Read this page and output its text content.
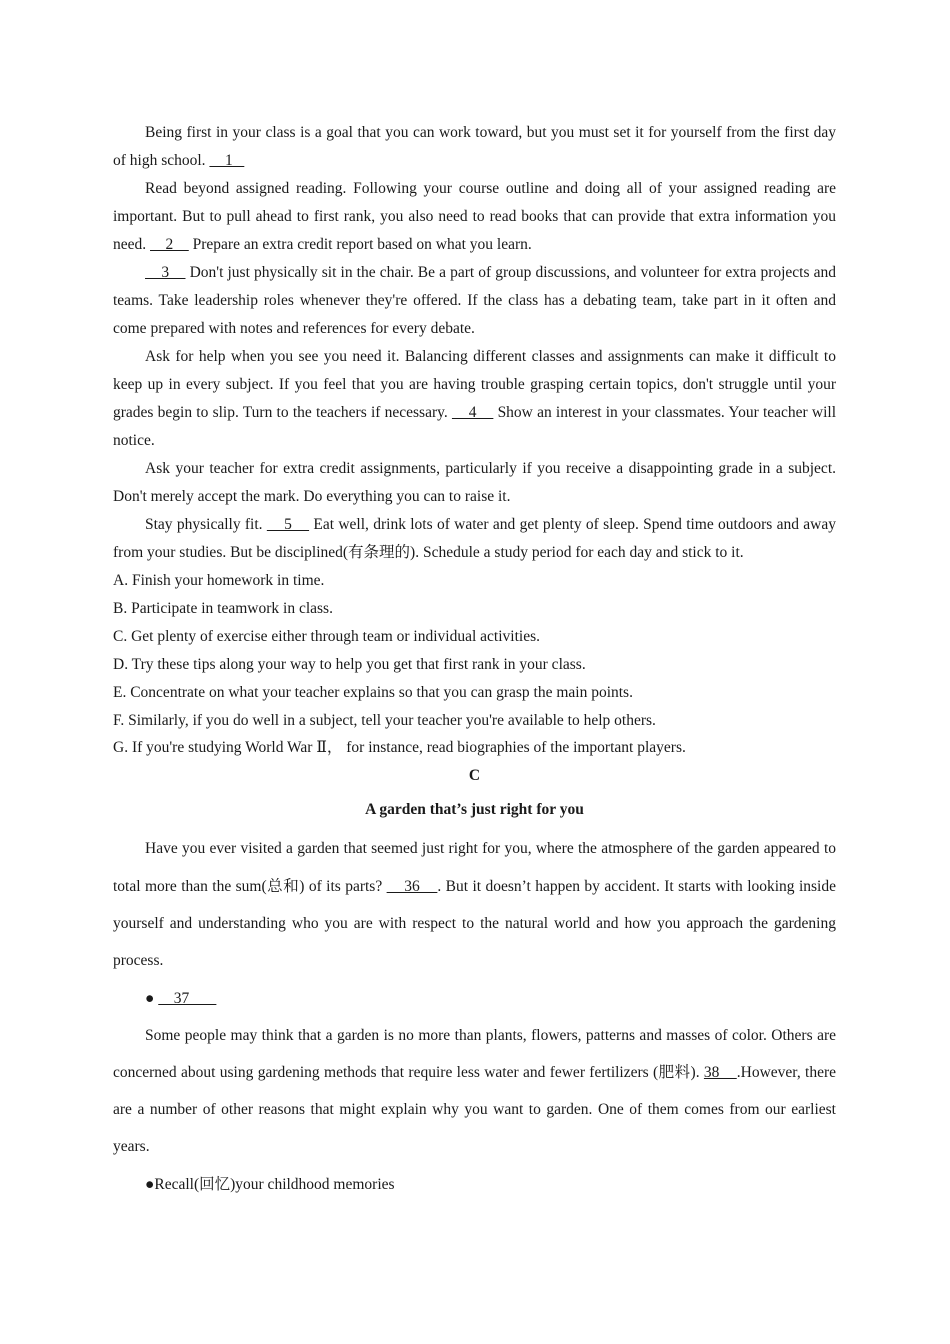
Being first in your class is a goal that you can work toward, but you must set it for yourself from the first day of high school.     1

Read beyond assigned reading. Following your course outline and doing all of your assigned reading are important. But to pull ahead to first rank, you also need to read books that can provide that extra information you need.     2     Prepare an extra credit report based on what you learn.

3     Don't just physically sit in the chair. Be a part of group discussions, and volunteer for extra projects and teams. Take leadership roles whenever they're offered. If the class has a debating team, take part in it often and come prepared with notes and references for every debate.

Ask for help when you see you need it. Balancing different classes and assignments can make it difficult to keep up in every subject. If you feel that you are having trouble grasping certain topics, don't struggle until your grades begin to slip. Turn to the teachers if necessary.     4     Show an interest in your classmates. Your teacher will notice.

Ask your teacher for extra credit assignments, particularly if you receive a disappointing grade in a subject. Don't merely accept the mark. Do everything you can to raise it.

Stay physically fit.     5     Eat well, drink lots of water and get plenty of sleep. Spend time outdoors and away from your studies. But be disciplined(有条理的). Schedule a study period for each day and stick to it.

A. Finish your homework in time.

B. Participate in teamwork in class.

C. Get plenty of exercise either through team or individual activities.

D. Try these tips along your way to help you get that first rank in your class.

E. Concentrate on what your teacher explains so that you can grasp the main points.

F. Similarly, if you do well in a subject, tell your teacher you're available to help others.

G. If you're studying World War Ⅱ， for instance, read biographies of the important players.

C

A garden that’s just right for you

Have you ever visited a garden that seemed just right for you, where the atmosphere of the garden appeared to total more than the sum(总和) of its parts?     36    . But it doesn’t happen by accident. It starts with looking inside yourself and understanding who you are with respect to the natural world and how you approach the gardening process.

●     37

Some people may think that a garden is no more than plants, flowers, patterns and masses of color. Others are concerned about using gardening methods that require less water and fewer fertilizers (肥料). 38    .However, there are a number of other reasons that might explain why you want to garden. One of them comes from our earliest years.

●Recall(回忆)your childhood memories
